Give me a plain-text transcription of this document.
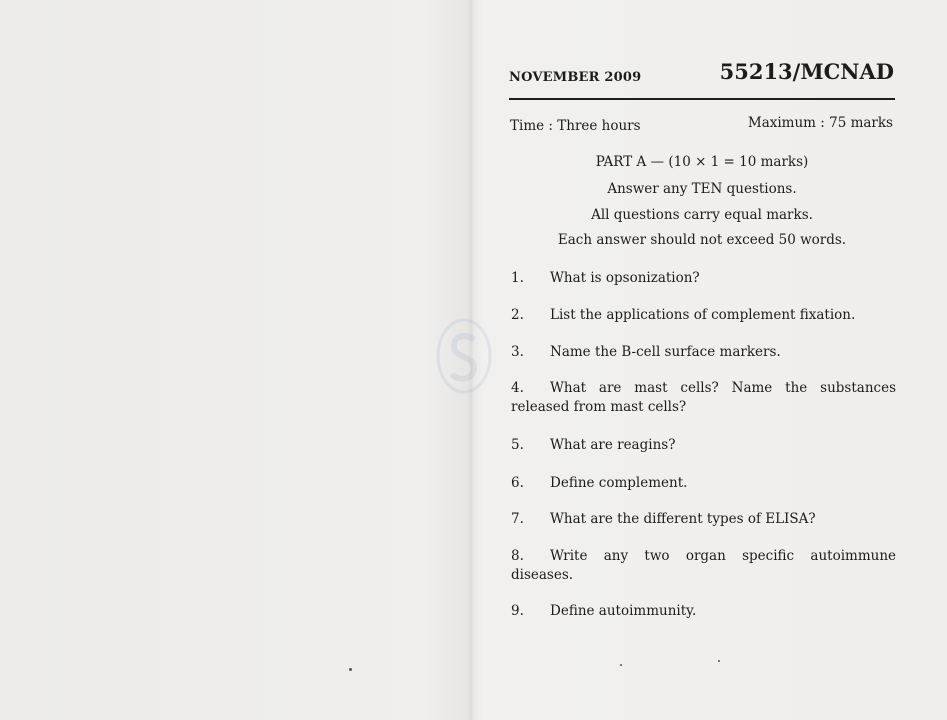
NOVEMBER 2009	55213/MCNAD
Time : Three hours	Maximum : 75 marks
PART A — (10 × 1 = 10 marks)
Answer any TEN questions.
All questions carry equal marks.
Each answer should not exceed 50 words.
1. What is opsonization?
2. List the applications of complement fixation.
3. Name the B-cell surface markers.
4. What are mast cells? Name the substances
released from mast cells?
5. What are reagins?
6. Define complement.
7. What are the different types of ELISA?
8. Write any two organ specific autoimmune
diseases.
9. Define autoimmunity.
